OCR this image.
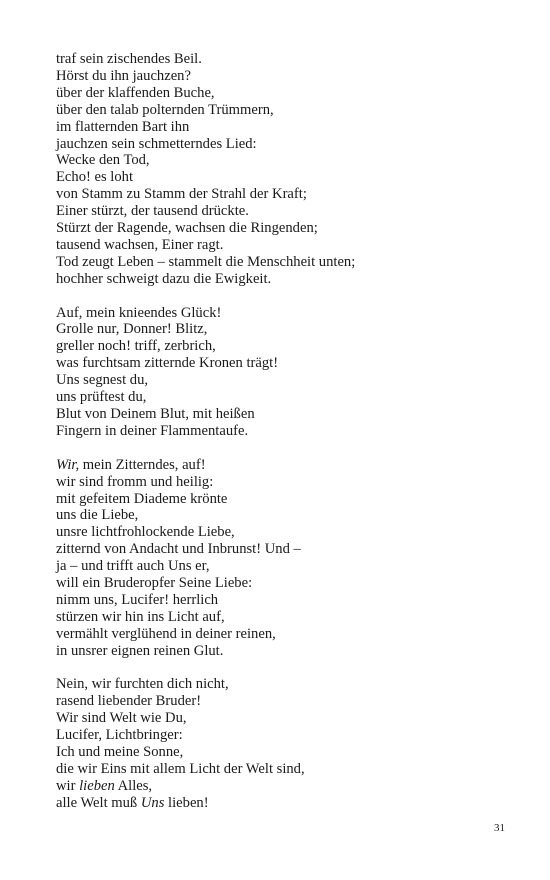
traf sein zischendes Beil.
Hörst du ihn jauchzen?
über der klaffenden Buche,
über den talab polternden Trümmern,
im flatternden Bart ihn
jauchzen sein schmetterndes Lied:
Wecke den Tod,
Echo! es loht
von Stamm zu Stamm der Strahl der Kraft;
Einer stürzt, der tausend drückte.
Stürzt der Ragende, wachsen die Ringenden;
tausend wachsen, Einer ragt.
Tod zeugt Leben – stammelt die Menschheit unten;
hochher schweigt dazu die Ewigkeit.
Auf, mein knieendes Glück!
Grolle nur, Donner! Blitz,
greller noch! triff, zerbrich,
was furchtsam zitternde Kronen trägt!
Uns segnest du,
uns prüftest du,
Blut von Deinem Blut, mit heißen
Fingern in deiner Flammentaufe.
Wir, mein Zitterndes, auf!
wir sind fromm und heilig:
mit gefeitem Diademe krönte
uns die Liebe,
unsre lichtfrohlockende Liebe,
zitternd von Andacht und Inbrunst! Und –
ja – und trifft auch Uns er,
will ein Bruderopfer Seine Liebe:
nimm uns, Lucifer! herrlich
stürzen wir hin ins Licht auf,
vermählt verglühend in deiner reinen,
in unsrer eignen reinen Glut.
Nein, wir furchten dich nicht,
rasend liebender Bruder!
Wir sind Welt wie Du,
Lucifer, Lichtbringer:
Ich und meine Sonne,
die wir Eins mit allem Licht der Welt sind,
wir lieben Alles,
alle Welt muß Uns lieben!
31
